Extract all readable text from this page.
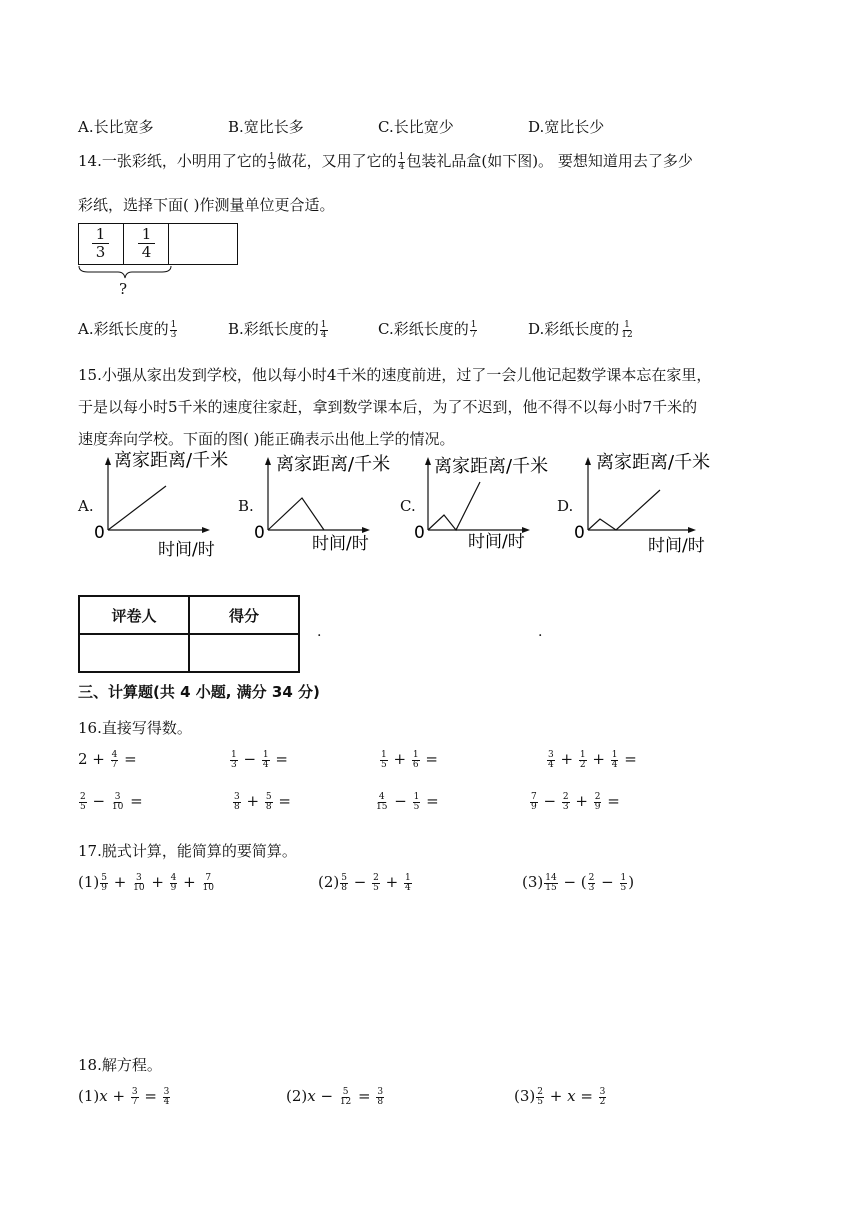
A.长比宽多	B.宽比长多	C.长比宽少	D.宽比长少
14.一张彩纸，小明用了它的 $\frac{1}{3}$ 做花，又用了它的 $\frac{1}{4}$ 包装礼品盒(如下图)。 要想知道用去了多少
彩纸，选择下面( )作测量单位更合适。
1
3
1
4
?
A.彩纸长度的 $\frac{1}{3}$	B.彩纸长度的 $\frac{1}{4}$	C.彩纸长度的 $\frac{1}{7}$	D.彩纸长度的 $\frac{1}{12}$
15.小强从家出发到学校，他以每小时4千米的速度前进，过了一会儿他记起数学课本忘在家里，
于是以每小时5千米的速度往家赶，拿到数学课本后，为了不迟到，他不得不以每小时7千米的
速度奔向学校。下面的图( )能正确表示出他上学的情况。
A.
离家距离/千米
0
时间/时
B.
离家距离/千米
0
时间/时
C.
离家距离/千米
0	时间/时
D.
离家距离/千米
0
时间/时
评卷人	得分

.	.
三、计算题(共 4 小题, 满分 34 分)
16.直接写得数。
$2 + \frac{4}{7}$ =	$\frac{1}{3} - \frac{1}{4}$ =	$\frac{1}{5} + \frac{1}{6}$ =	$\frac{3}{4} + \frac{1}{2} + \frac{1}{4}$ =
$\frac{2}{5} - \frac{3}{10}$ =	$\frac{3}{8} + \frac{5}{8}$ =	$\frac{4}{15} - \frac{1}{5}$ =	$\frac{7}{9} - \frac{2}{3} + \frac{2}{9}$ =
17.脱式计算，能简算的要简算。
$(1) \frac{5}{9} + \frac{3}{10} + \frac{4}{9} + \frac{7}{10}$	$(2) \frac{5}{8} - \frac{2}{5} + \frac{1}{4}$	$(3) \frac{14}{15}$ − ( $\frac{2}{3} - \frac{1}{5}$ )
18.解方程。
$(1)x + \frac{3}{7} = \frac{3}{4}$	$(2)x - \frac{5}{12} = \frac{3}{8}$	$(3) \frac{2}{5} + x = \frac{3}{2}$
